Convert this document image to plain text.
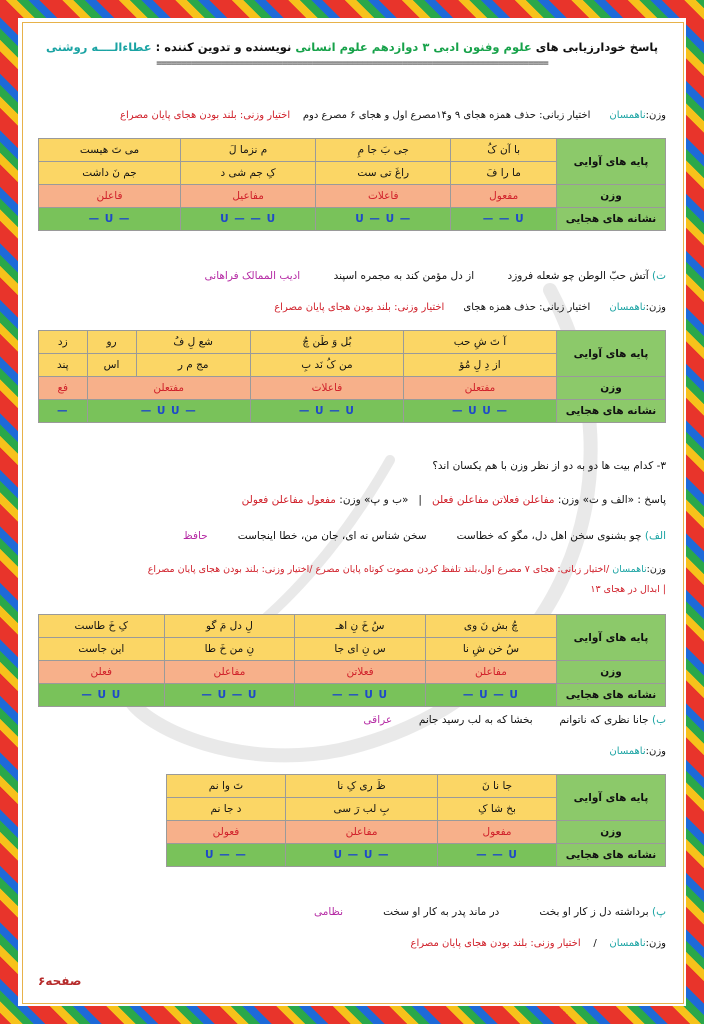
پاسخ خودارزیابی های علوم وفنون ادبی ۳ دوازدهم علوم انسانی نویسنده و تدوین کننده : عطاءالــــه روشنی
==============================================================================
وزن:ناهمسان      اختیار زبانی: حذف همزه هجای ۹ و۱۴مصرع اول و هجای ۶ مصرع دوم    اختیار وزنی: بلند بودن هجای پایان مصراع
پایه های آوایی	با آن کُ	جی بَ جا مِ	م نزما لَ	می تَ هیست
	ما را فَ	راغَ تی ست	کِ جم شی د	جم نَ داشت
وزن	مفعول	فاعلات	مفاعیل	فاعلن
نشانه های هجایی	U — —	— U — U	U — — U	— U —
ت) آتش حبّ الوطن چو شعله فروزد          از دل مؤمن کند به مجمره اسپند          ادیب الممالک فراهانی
وزن:ناهمسان      اختیار زبانی: حذف همزه هجای      اختیار وزنی: بلند بودن هجای پایان مصراع
پایه های آوایی	آ تَ شِ حب	بُل وَ طَن چُ	شع لِ فُ	رو	زد
	از دِ لِ مُؤ	من کُ نَد بِ	مج م ر	اس	پند
وزن	مفتعلن	فاعلات	مفتعلن		فع
نشانه های هجایی	— U U —	U — U —	— U U —		—
۳- کدام بیت ها دو به دو از نظر وزن با هم یکسان اند؟
پاسخ : «الف و ت» وزن: مفاعلن فعلاتن مفاعلن فعلن   |   «ب و پ» وزن: مفعول مفاعلن فعولن
الف) چو بشنوی سخن اهل دل، مگو که خطاست         سخن شناس نه ای، جان من، خطا اینجاست         حافظ
وزن:ناهمسان /اختیار زبانی: هجای ۷ مصرع اول،بلند تلفظ کردن مصوت کوتاه پایان مصرع /اختیار وزنی: بلند بودن هجای پایان مصراع
| ابدال در هجای ۱۳
پایه های آوایی	چُ بش نَ وی	سُ خَ نِ اهـ	لِ دل مَ گو	کِ خَ طاست
	سُ خن شِ نا	س نِ ای جا	نِ من خَ طا	این جاست
وزن	مفاعلن	فعلاتن	مفاعلن	فعلن
نشانه های هجایی	U — U —	U U — —	U — U —	U U —
ب) جانا نظری که ناتوانم        بخشا که به لب رسید جانم        عراقی
وزن:ناهمسان
پایه های آوایی	جا نا نَ	ظَ ری کِ نا	تَ وا نم
	بخ شا کِ	بِ لب رَ سی	د جا نم
وزن	مفعول	مفاعلن	فعولن
نشانه های هجایی	U — —	— U — U	— — U
پ) برداشته دل ز کار او بخت            در ماند پدر به کار او سخت            نظامی
وزن:ناهمسان    /    اختیار وزنی: بلند بودن هجای پایان مصراع
صفحه۶
